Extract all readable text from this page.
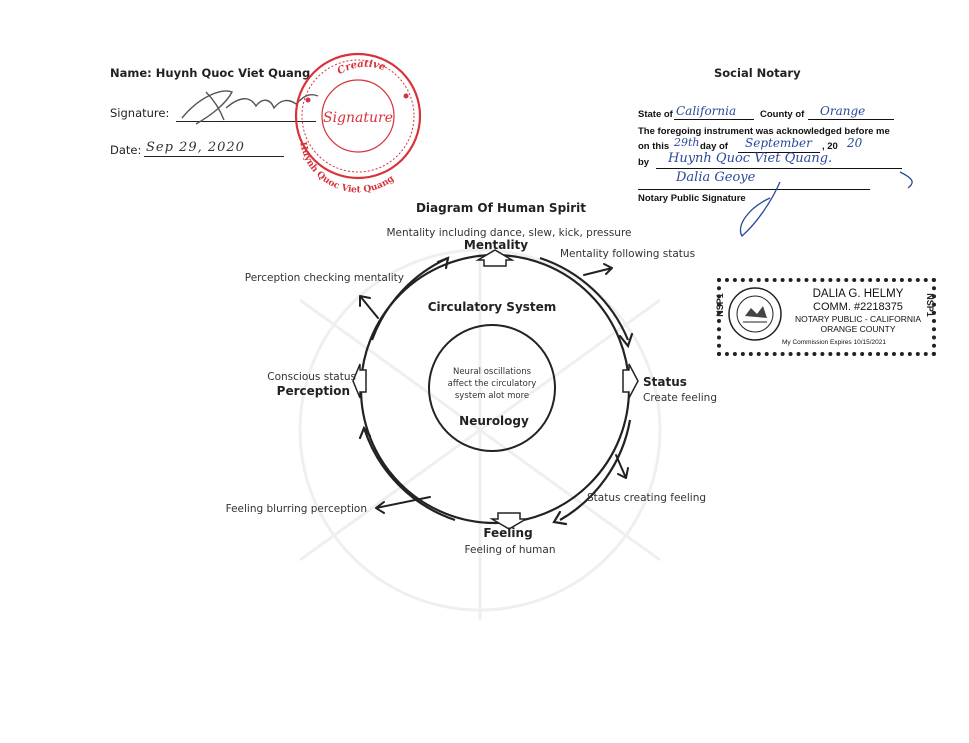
Name: Huynh Quoc Viet Quang
Signature:
Date: Sep 29, 2020
Creative
Huynh Quoc Viet Quang
Signature
Social Notary
State of California	County of Orange
The foregoing instrument was acknowledged before me
on this 29th day of September , 20 20
by Huynh Quoc Viet Quang.
Dalia Geoye
Notary Public Signature
DALIA G. HELMY
COMM. #2218375
NOTARY PUBLIC - CALIFORNIA
ORANGE COUNTY
My Commission Expires 10/15/2021
NSP1	NSP1
Diagram Of Human Spirit
Mentality including dance, slew, kick, pressure
Mentality
Mentality following status
Perception checking mentality
Circulatory System
Conscious status
Perception
Neural oscillations
affect the circulatory
system alot more
Neurology
Status
Create feeling
Status creating feeling
Feeling blurring perception
Feeling
Feeling of human
